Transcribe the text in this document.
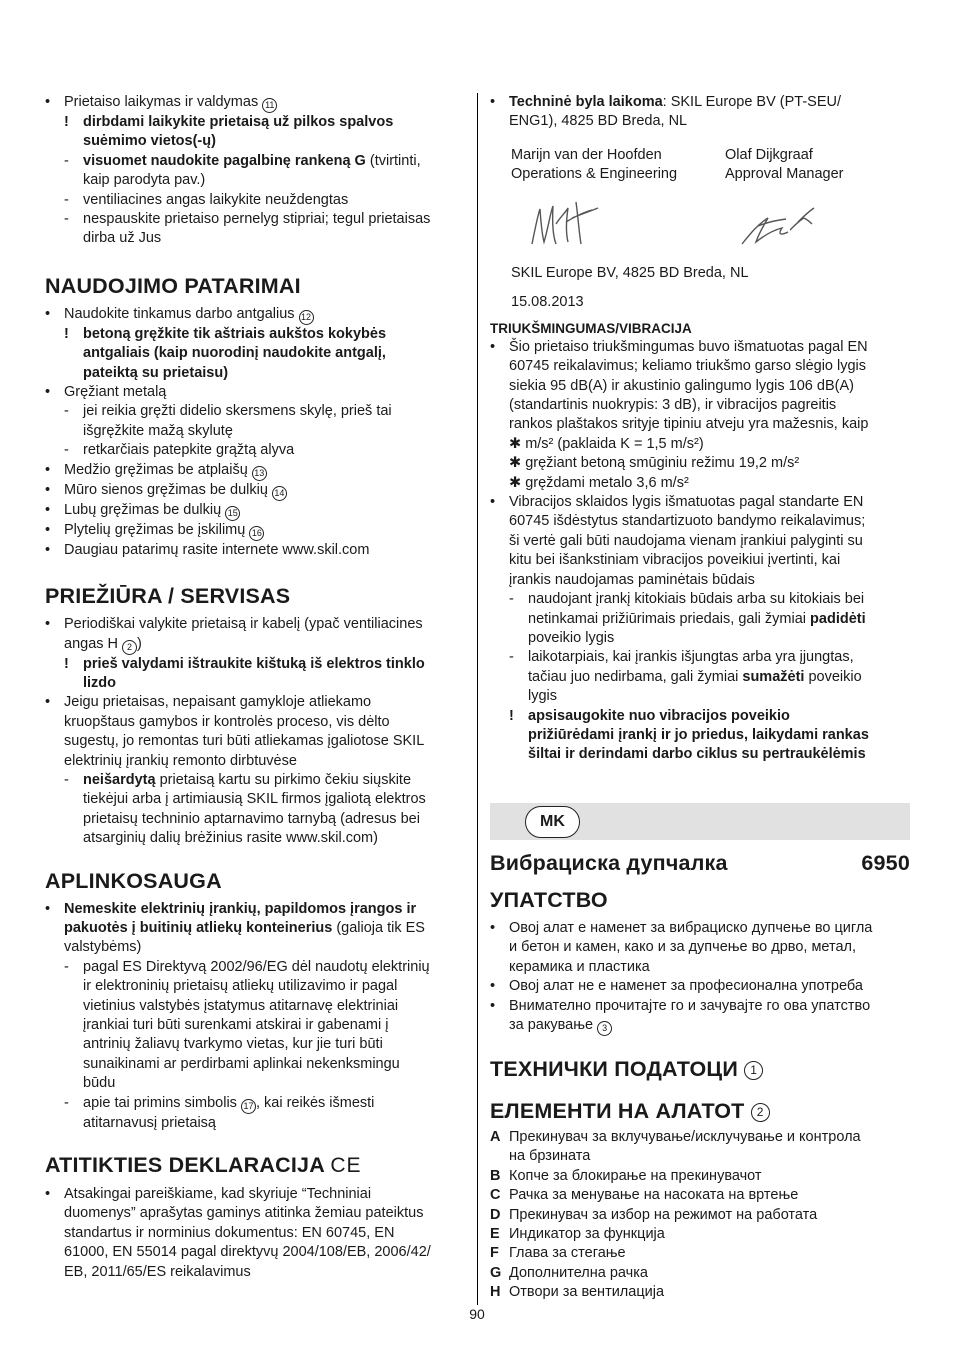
• Prietaiso laikymas ir valdymas 11
! dirbdami laikykite prietaisą už pilkos spalvos
suėmimo vietos(-ų)
- visuomet naudokite pagalbinę rankeną G (tvirtinti,
kaip parodyta pav.)
- ventiliacines angas laikykite neuždengtas
- nespauskite prietaiso pernelyg stipriai; tegul prietaisas
dirba už Jus
NAUDOJIMO PATARIMAI
• Naudokite tinkamus darbo antgalius 12
! betoną gręžkite tik aštriais aukštos kokybės
antgaliais (kaip nuorodinį naudokite antgalį,
pateiktą su prietaisu)
• Gręžiant metalą
- jei reikia gręžti didelio skersmens skylę, prieš tai
išgręžkite mažą skylutę
- retkarčiais patepkite grąžtą alyva
• Medžio gręžimas be atplaišų 13
• Mūro sienos gręžimas be dulkių 14
• Lubų gręžimas be dulkių 15
• Plytelių gręžimas be įskilimų 16
• Daugiau patarimų rasite internete www.skil.com
PRIEŽIŪRA / SERVISAS
• Periodiškai valykite prietaisą ir kabelį (ypač ventiliacines
angas H 2 )
! prieš valydami ištraukite kištuką iš elektros tinklo
lizdo
• Jeigu prietaisas, nepaisant gamykloje atliekamo
kruopštaus gamybos ir kontrolės proceso, vis dėlto
sugestų, jo remontas turi būti atliekamas įgaliotose SKIL
elektrinių įrankių remonto dirbtuvėse
- neišardytą prietaisą kartu su pirkimo čekiu siųskite
tiekėjui arba į artimiausią SKIL firmos įgaliotą elektros
prietaisų techninio aptarnavimo tarnybą (adresus bei
atsarginių dalių brėžinius rasite www.skil.com)
APLINKOSAUGA
• Nemeskite elektrinių įrankių, papildomos įrangos ir
pakuotės į buitinių atliekų konteinerius (galioja tik ES
valstybėms)
- pagal ES Direktyvą 2002/96/EG dėl naudotų elektrinių
ir elektroninių prietaisų atliekų utilizavimo ir pagal
vietinius valstybės įstatymus atitarnavę elektriniai
įrankiai turi būti surenkami atskirai ir gabenami į
antrinių žaliavų tvarkymo vietas, kur jie turi būti
sunaikinami ar perdirbami aplinkai nekenksmingu
būdu
- apie tai primins simbolis 17 , kai reikės išmesti
atitarnavusį prietaisą
ATITIKTIES DEKLARACIJA CE
• Atsakingai pareiškiame, kad skyriuje “Techniniai
duomenys” aprašytas gaminys atitinka žemiau pateiktus
standartus ir norminius dokumentus: EN 60745, EN
61000, EN 55014 pagal direktyvų 2004/108/EB, 2006/42/
EB, 2011/65/ES reikalavimus
• Techninė byla laikoma: SKIL Europe BV (PT-SEU/
ENG1), 4825 BD Breda, NL
Marijn van der Hoofden
Operations & Engineering
Olaf Dijkgraaf
Approval Manager
SKIL Europe BV, 4825 BD Breda, NL
15.08.2013
TRIUKŠMINGUMAS/VIBRACIJA
• Šio prietaiso triukšmingumas buvo išmatuotas pagal EN
60745 reikalavimus; keliamo triukšmo garso slėgio lygis
siekia 95 dB(A) ir akustinio galingumo lygis 106 dB(A)
(standartinis nuokrypis: 3 dB), ir vibracijos pagreitis
rankos plaštakos srityje tipiniu atveju yra mažesnis, kaip
✱ m/s² (paklaida K = 1,5 m/s²)
✱ gręžiant betoną smūginiu režimu 19,2 m/s²
✱ gręždami metalo 3,6 m/s²
• Vibracijos sklaidos lygis išmatuotas pagal standarte EN
60745 išdėstytus standartizuoto bandymo reikalavimus;
ši vertė gali būti naudojama vienam įrankiui palyginti su
kitu bei išankstiniam vibracijos poveikiui įvertinti, kai
įrankis naudojamas paminėtais būdais
- naudojant įrankį kitokiais būdais arba su kitokiais bei
netinkamai prižiūrimais priedais, gali žymiai padidėti
poveikio lygis
- laikotarpiais, kai įrankis išjungtas arba yra įjungtas,
tačiau juo nedirbama, gali žymiai sumažėti poveikio
lygis
! apsisaugokite nuo vibracijos poveikio
prižiūrėdami įrankį ir jo priedus, laikydami rankas
šiltai ir derindami darbo ciklus su pertraukėlėmis
MK
Вибрациска дупчалка	6950
УПАТСТВО
• Овој алат е наменет за вибрациско дупчење во цигла
и бетон и камен, како и за дупчење во дрво, метал,
керамика и пластика
• Овој алат не е наменет за професионална употреба
• Внимателно прочитајте го и зачувајте го ова упатство
за ракување 3
ТЕХНИЧКИ ПОДАТОЦИ 1
ЕЛЕМЕНТИ НА АЛАТОТ 2
A Прекинувач за вклучување/исклучување и контрола
на брзината
B Копче за блокирање на прекинувачот
C Рачка за менување на насоката на вртење
D Прекинувач за избор на режимот на работата
E Индикатор за функција
F Глава за стегање
G Дополнителна рачка
H Отвори за вентилација
90
